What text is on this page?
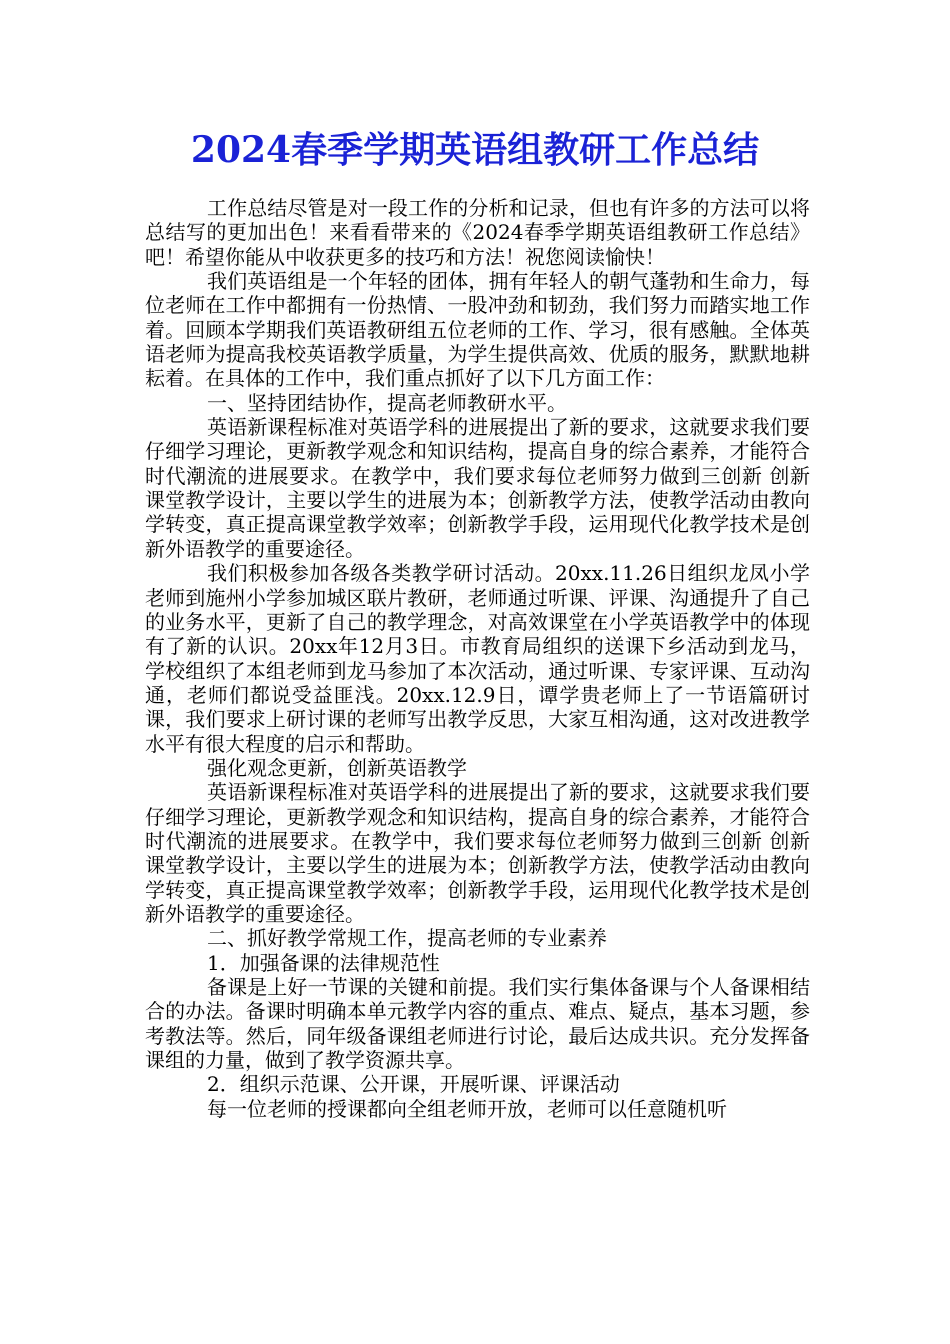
2024春季学期英语组教研工作总结

工作总结尽管是对一段工作的分析和记录，但也有许多的方法可以将总结写的更加出色！来看看带来的《2024春季学期英语组教研工作总结》吧！希望你能从中收获更多的技巧和方法！祝您阅读愉快！

我们英语组是一个年轻的团体，拥有年轻人的朝气蓬勃和生命力，每位老师在工作中都拥有一份热情、一股冲劲和韧劲，我们努力而踏实地工作着。回顾本学期我们英语教研组五位老师的工作、学习，很有感触。全体英语老师为提高我校英语教学质量，为学生提供高效、优质的服务，默默地耕耘着。在具体的工作中，我们重点抓好了以下几方面工作：

一、坚持团结协作，提高老师教研水平。

英语新课程标准对英语学科的进展提出了新的要求，这就要求我们要仔细学习理论，更新教学观念和知识结构，提高自身的综合素养，才能符合时代潮流的进展要求。在教学中，我们要求每位老师努力做到三创新 创新课堂教学设计，主要以学生的进展为本；创新教学方法，使教学活动由教向学转变，真正提高课堂教学效率；创新教学手段，运用现代化教学技术是创新外语教学的重要途径。

我们积极参加各级各类教学研讨活动。20xx.11.26日组织龙凤小学老师到施州小学参加城区联片教研，老师通过听课、评课、沟通提升了自己的业务水平，更新了自己的教学理念，对高效课堂在小学英语教学中的体现有了新的认识。20xx年12月3日。市教育局组织的送课下乡活动到龙马，学校组织了本组老师到龙马参加了本次活动，通过听课、专家评课、互动沟通，老师们都说受益匪浅。20xx.12.9日，谭学贵老师上了一节语篇研讨课，我们要求上研讨课的老师写出教学反思，大家互相沟通，这对改进教学水平有很大程度的启示和帮助。

强化观念更新，创新英语教学

英语新课程标准对英语学科的进展提出了新的要求，这就要求我们要仔细学习理论，更新教学观念和知识结构，提高自身的综合素养，才能符合时代潮流的进展要求。在教学中，我们要求每位老师努力做到三创新 创新课堂教学设计，主要以学生的进展为本；创新教学方法，使教学活动由教向学转变，真正提高课堂教学效率；创新教学手段，运用现代化教学技术是创新外语教学的重要途径。

二、抓好教学常规工作，提高老师的专业素养

1．加强备课的法律规范性

备课是上好一节课的关键和前提。我们实行集体备课与个人备课相结合的办法。备课时明确本单元教学内容的重点、难点、疑点，基本习题，参考教法等。然后，同年级备课组老师进行讨论，最后达成共识。充分发挥备课组的力量，做到了教学资源共享。

2．组织示范课、公开课，开展听课、评课活动

每一位老师的授课都向全组老师开放，老师可以任意随机听
